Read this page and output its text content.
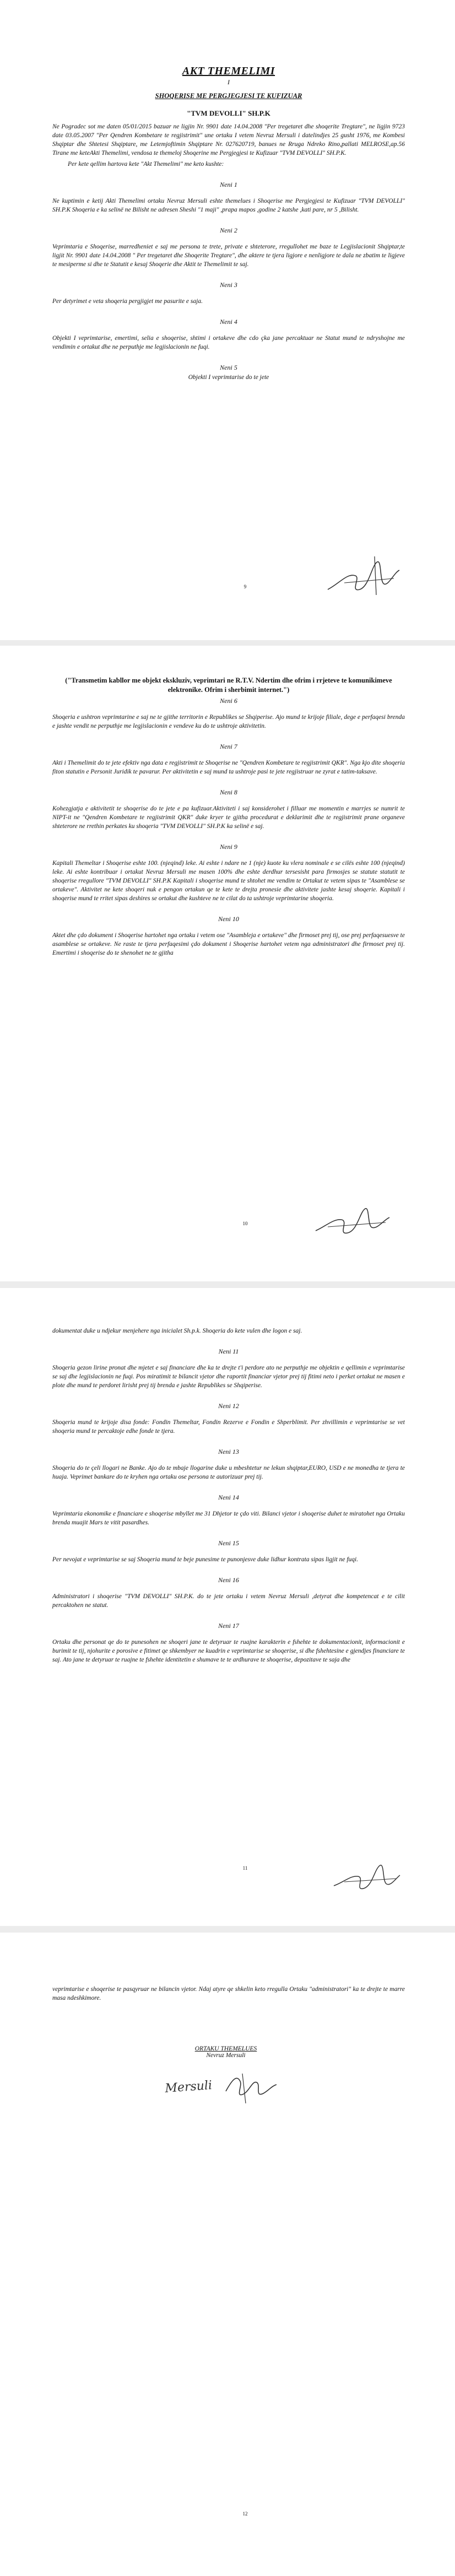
AKT THEMELIMI
I
SHOQERISE ME PERGJEGJESI TE KUFIZUAR
"TVM DEVOLLI" SH.P.K

Ne Pogradec sot me daten 05/01/2015 bazuar ne ligjin Nr. 9901 date 14.04.2008 "Per tregetaret dhe shoqerite Tregtare", ne ligjin 9723 date 03.05.2007 "Per Qendren Kombetare te regjistrimit" une ortaku I vetem Nevruz Mersuli i datelindjes 25 gusht 1976, me Kombesi Shqiptar dhe Shtetesi Shqiptare, me Letemjoftimin Shqiptare Nr. 027620719, banues ne Rruga Ndreko Rino,pallati MELROSE,ap.56 Tirane me keteAkti Themelimi, vendosa te themeloj Shoqerine me Pergjegjesi te Kufizuar "TVM DEVOLLI" SH.P.K.

Per kete qellim hartova kete "Akt Themelimi" me keto kushte:

Neni 1

Ne kuptimin e ketij Akti Themelimi ortaku Nevruz Mersuli eshte themelues i Shoqerise me Pergjegjesi te Kufizuar "TVM DEVOLLI" SH.P.K Shoqeria e ka selinë ne Bilisht ne adresen Sheshi "1 maji" ,prapa mapos ,godine 2 katshe ,kati pare, nr 5 ,Bilisht.

Neni 2

Veprimtaria e Shoqerise, marredheniet e saj me persona te trete, private e shteterore, rregullohet me baze te Legjislacionit Shqiptar,te ligjit Nr. 9901 date 14.04.2008 " Per tregetaret dhe Shoqerite Tregtare", dhe aktere te tjera ligjore e nenligjore te dala ne zbatim te ligjeve te mesiperme si dhe te Statutit e kesaj Shoqerie dhe Aktit te Themelimit te saj.

Neni 3

Per detyrimet e veta shoqeria pergjigjet me pasurite e saja.

Neni 4

Objekti I veprimtarise, emertimi, selia e shoqerise, shtimi i ortakeve dhe cdo çka jane percaktuar ne Statut mund te ndryshojne me vendimin e ortakut dhe ne perputhje me legjislacionin ne fuqi.

Neni 5
Objekti I veprimtarise do te jete
9
("Transmetim kabllor me objekt ekskluziv, veprimtari ne R.T.V. Ndertim dhe ofrim i rrjeteve te komunikimeve elektronike. Ofrim i sherbimit internet.")
Neni 6

Shoqeria e ushtron veprimtarine e saj ne te gjithe territorin e Republikes se Shqiperise. Ajo mund te krijoje filiale, dege e perfaqesi brenda e jashte vendit ne perputhje me legjislacionin e vendeve ku do te ushtroje aktivitetin.

Neni 7

Akti i Themelimit do te jete efektiv nga data e regjistrimit te Shoqerise ne "Qendren Kombetare te regjistrimit QKR". Nga kjo dite shoqeria fiton statutin e Personit Juridik te pavarur. Per aktivitetin e saj mund ta ushtroje pasi te jete regjistruar ne zyrat e tatim-taksave.

Neni 8

Kohezgjatja e aktivitetit te shoqerise do te jete e pa kufizuar.Aktiviteti i saj konsiderohet i filluar me momentin e marrjes se numrit te NIPT-it ne "Qendren Kombetare te regjistrimit QKR" duke kryer te gjitha procedurat e deklarimit dhe te regjistrimit prane organeve shteterore ne rrethin perkates ku shoqeria "TVM DEVOLLI" SH.P.K ka selinë e saj.

Neni 9

Kapitali Themeltar i Shoqerise eshte 100. (njeqind) leke. Ai eshte i ndare ne 1 (nje) kuote ku vlera nominale e se cilës eshte 100 (njeqind) leke. Ai eshte kontribuar i ortakut Nevruz Mersuli me masen 100% dhe eshte derdhur tersesisht para firmosjes se statute statutit te shoqerise rregullore "TVM DEVOLLI" SH.P.K Kapitali i shoqerise mund te shtohet me vendim te Ortakut te vetem sipas te "Asamblese se ortakeve". Aktivitet ne kete shoqeri nuk e pengon ortakun qe te kete te drejta pronesie dhe aktivitete jashte kesaj shoqerie. Kapitali i shoqerise mund te rritet sipas deshires se ortakut dhe kushteve ne te cilat do ta ushtroje veprimtarine shoqeria.

Neni 10

Aktet dhe çdo dokument i Shoqerise hartohet nga ortaku i vetem ose "Asambleja e ortakeve" dhe firmoset prej tij, ose prej perfaqesuesve te asamblese se ortakeve. Ne raste te tjera perfaqesimi çdo dokument i Shoqerise hartohet vetem nga administratori dhe firmoset prej tij. Emertimi i shoqerise do te shenohet ne te gjitha

10

dokumentat duke u ndjekur menjehere nga inicialet Sh.p.k. Shoqeria do kete vulen dhe logon e saj.

Neni 11

Shoqeria gezon lirine pronat dhe mjetet e saj financiare dhe ka te drejte t'i perdore ato ne perputhje me objektin e qellimin e veprimtarise se saj dhe legjislacionin ne fuqi. Pos miratimit te bilancit vjetor dhe raportit financiar vjetor prej tij fitimi neto i perket ortakut ne masen e plote dhe mund te perdoret lirisht prej tij brenda e jashte Republikes se Shqiperise.

Neni 12

Shoqeria mund te krijoje disa fonde: Fondin Themeltar, Fondin Rezerve e Fondin e Shperblimit. Per zhvillimin e veprimtarise se vet shoqeria mund te percaktoje edhe fonde te tjera.

Neni 13

Shoqeria do te çeli llogari ne Banke. Ajo do te mbaje llogarine duke u mbeshtetur ne lekun shqiptar,EURO, USD e ne monedha te tjera te huaja. Veprimet bankare do te kryhen nga ortaku ose persona te autorizuar prej tij.

Neni 14

Veprimtaria ekonomike e financiare e shoqerise mbyllet me 31 Dhjetor te çdo viti. Bilanci vjetor i shoqerise duhet te miratohet nga Ortaku brenda muajit Mars te vitit pasardhes.

Neni 15

Per nevojat e veprimtarise se saj Shoqeria mund te beje punesime te punonjesve duke lidhur kontrata sipas ligjit ne fuqi.

Neni 16

Administratori i shoqerise "TVM DEVOLLI" SH.P.K. do te jete ortaku i vetem Nevruz Mersuli ,detyrat dhe kompetencat e te cilit percaktohen ne statut.

Neni 17

Ortaku dhe personat qe do te punesohen ne shoqeri jane te detyruar te ruajne karakterin e fshehte te dokumentacionit, informacionit e burimit te tij, njohurite e porosive e fitimet qe shkembyer ne kuadrin e veprimtarise se shoqerise, si dhe fshehtesine e gjendjes financiare te saj. Ato jane te detyruar te ruajne te fshehte identitetin e shumave te te ardhurave te shoqerise, depozitave te saja dhe

11

veprimtarise e shoqerise te pasqyruar ne bilancin vjetor. Ndaj atyre qe shkelin keto rregulla Ortaku "administratori" ka te drejte te marre masa ndeshkimore.

ORTAKU THEMELUES
Nevruz Mersuli
Mersuli
12
